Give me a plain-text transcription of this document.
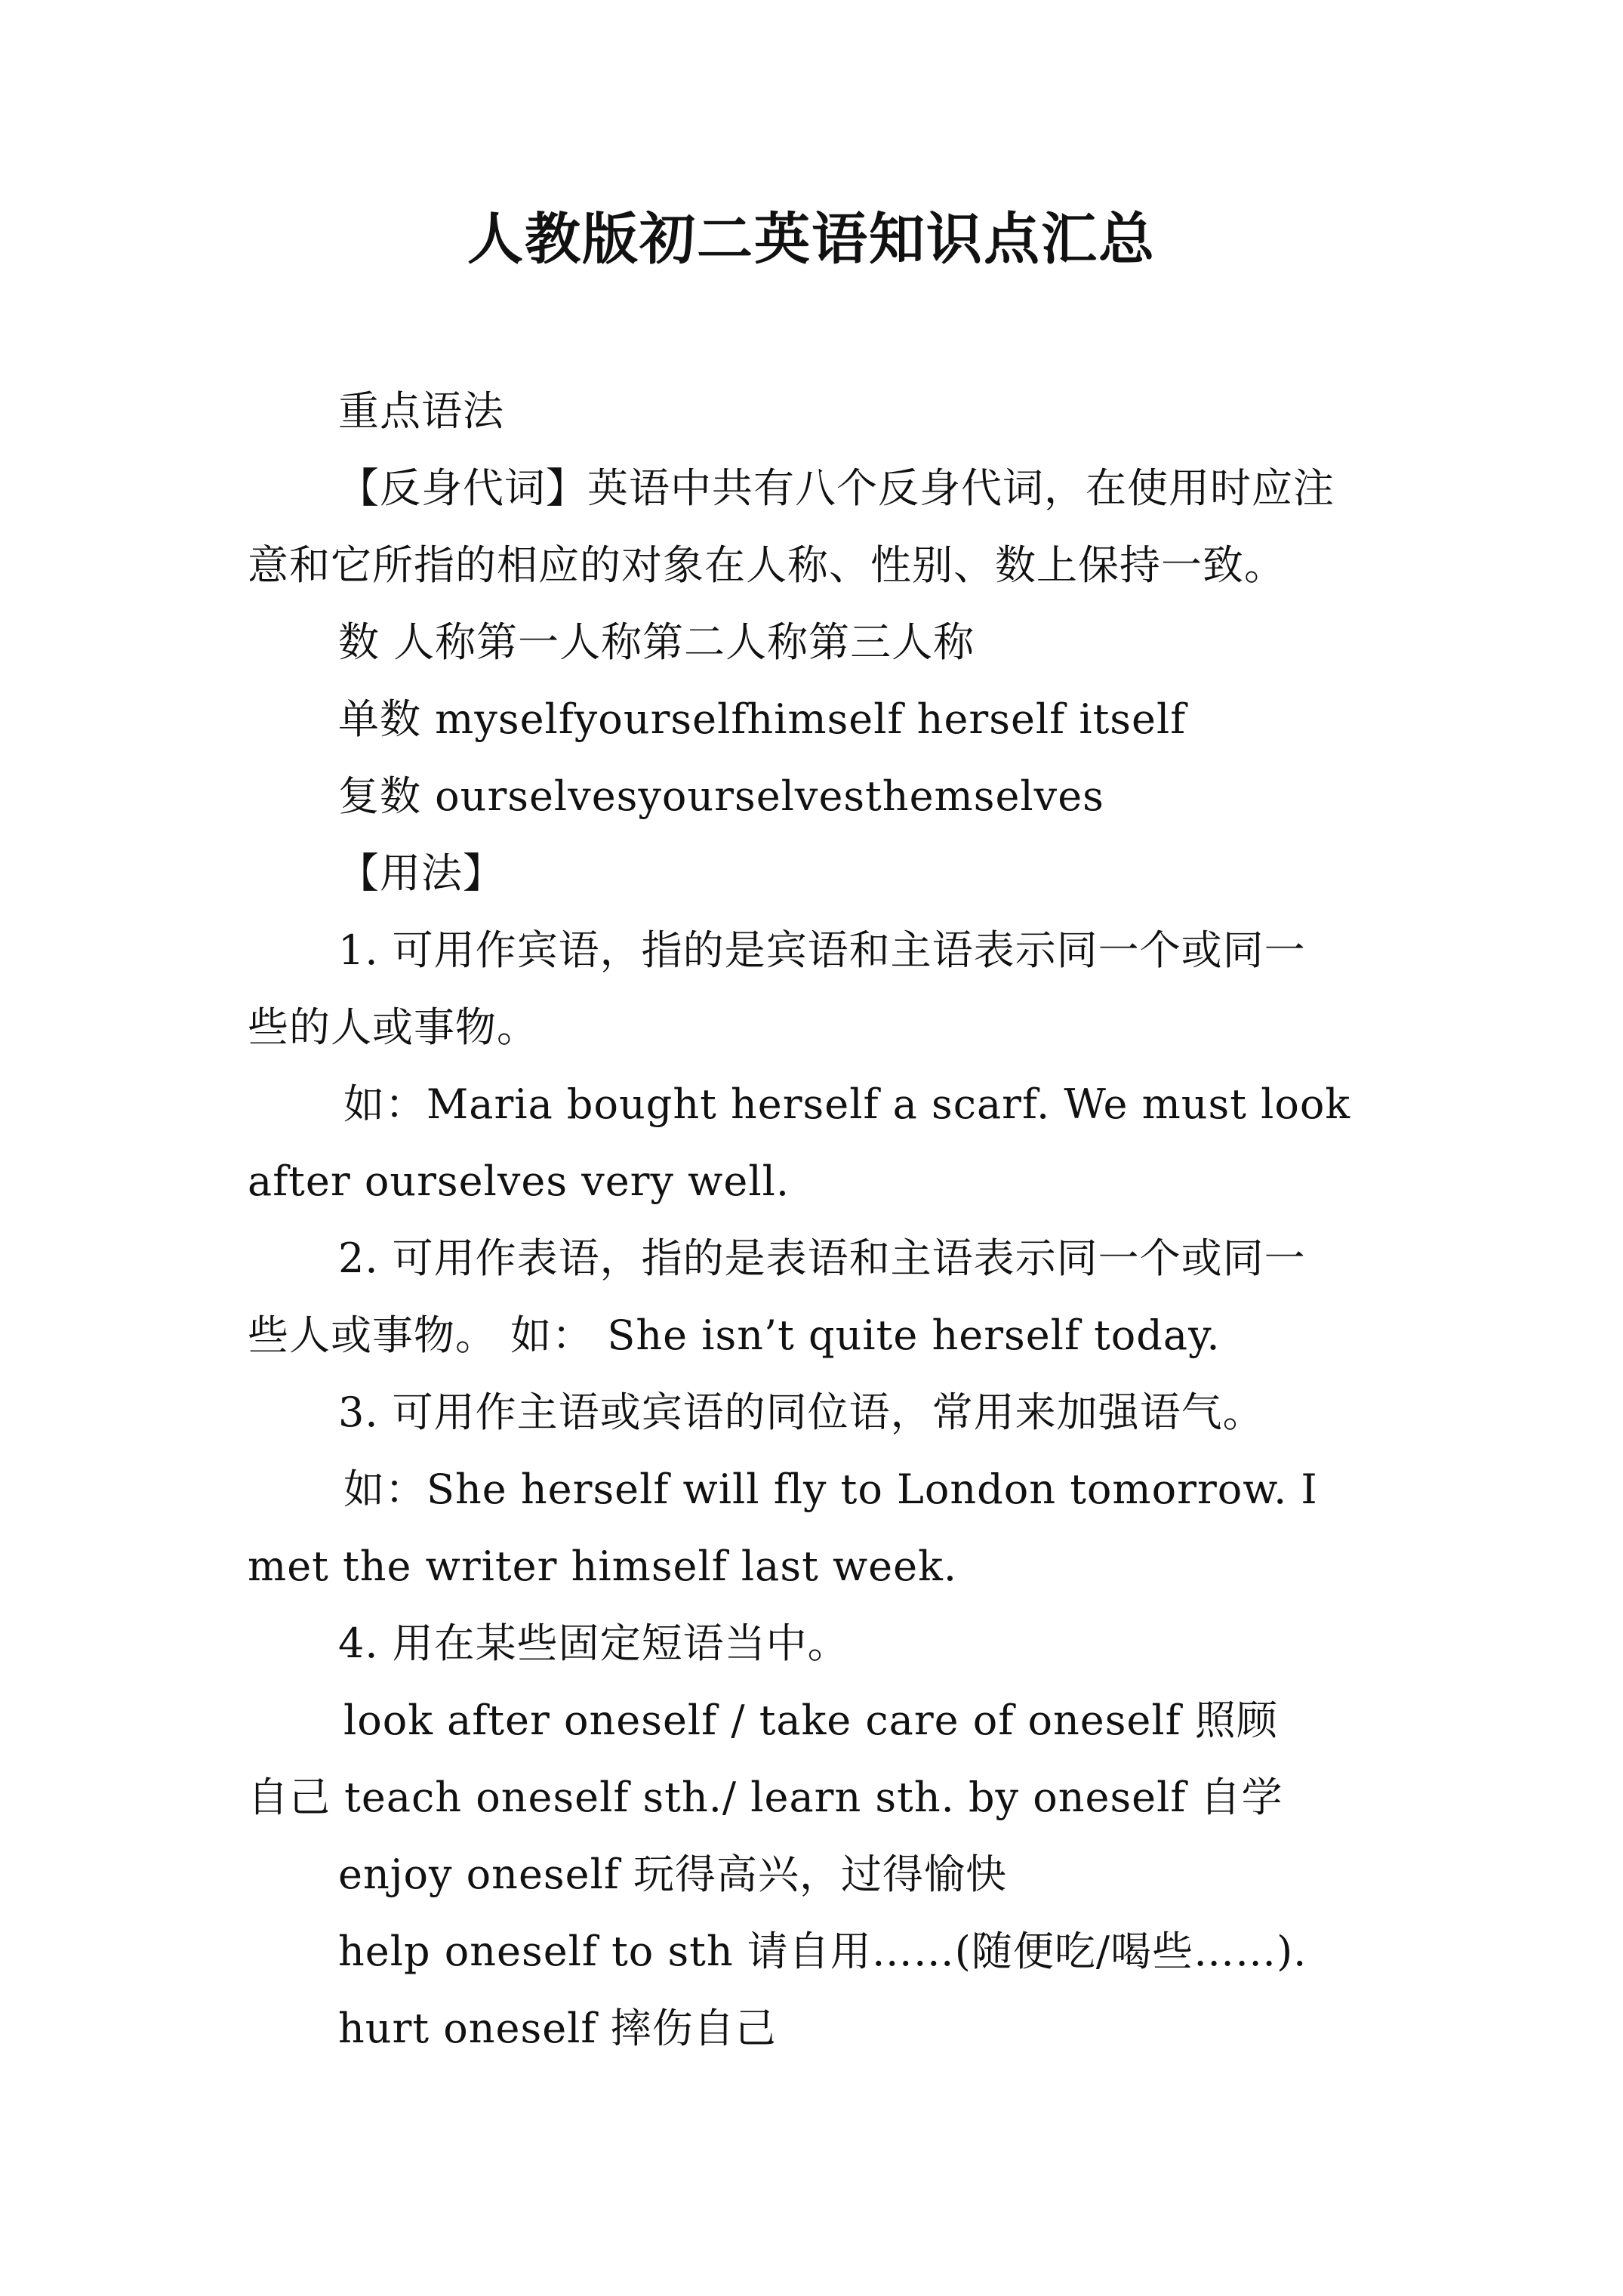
人教版初二英语知识点汇总
重点语法
【反身代词】英语中共有八个反身代词，在使用时应注
意和它所指的相应的对象在人称、性别、数上保持一致。
数 人称第一人称第二人称第三人称
单数 myselfyourselfhimself herself itself
复数 ourselvesyourselvesthemselves
【用法】
1. 可用作宾语，指的是宾语和主语表示同一个或同一
些的人或事物。
如：Maria bought herself a scarf. We must look
after ourselves very well.
2. 可用作表语，指的是表语和主语表示同一个或同一
些人或事物。 如： She isn’t quite herself today.
3. 可用作主语或宾语的同位语，常用来加强语气。
如：She herself will fly to London tomorrow. I
met the writer himself last week.
4. 用在某些固定短语当中。
look after oneself / take care of oneself 照顾
自己 teach oneself sth./ learn sth. by oneself 自学
enjoy oneself 玩得高兴，过得愉快
help oneself to sth 请自用……(随便吃/喝些……).
hurt oneself 摔伤自己
